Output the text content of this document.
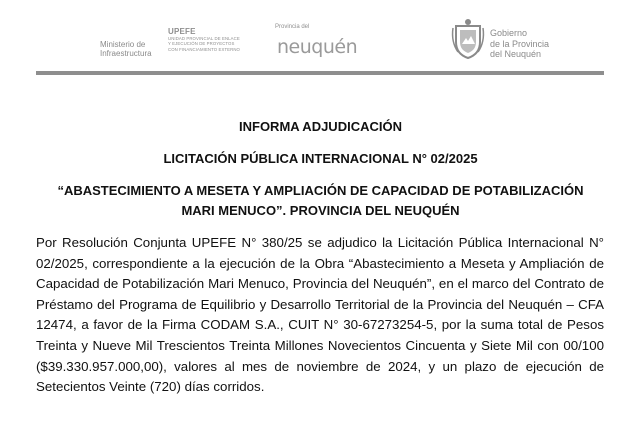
Ministerio de
Infraestructura
UPEFE
UNIDAD PROVINCIAL DE ENLACE
Y EJECUCIÓN DE PROYECTOS
CON FINANCIAMIENTO EXTERNO
Provincia del
neuquén
Gobierno
de la Provincia
del Neuquén
INFORMA ADJUDICACIÓN
LICITACIÓN PÚBLICA INTERNACIONAL N° 02/2025
“ABASTECIMIENTO A MESETA Y AMPLIACIÓN DE CAPACIDAD DE POTABILIZACIÓN
MARI MENUCO”. PROVINCIA DEL NEUQUÉN
Por Resolución Conjunta UPEFE N° 380/25 se adjudico la Licitación Pública Internacional N° 02/2025, correspondiente a la ejecución de la Obra “Abastecimiento a Meseta y Ampliación de Capacidad de Potabilización Mari Menuco, Provincia del Neuquén”, en el marco del Contrato de Préstamo del Programa de Equilibrio y Desarrollo Territorial de la Provincia del Neuquén – CFA 12474, a favor de la Firma CODAM S.A., CUIT N° 30-67273254-5, por la suma total de Pesos Treinta y Nueve Mil Trescientos Treinta Millones Novecientos Cincuenta y Siete Mil con 00/100 ($39.330.957.000,00), valores al mes de noviembre de 2024, y un plazo de ejecución de Setecientos Veinte (720) días corridos.
